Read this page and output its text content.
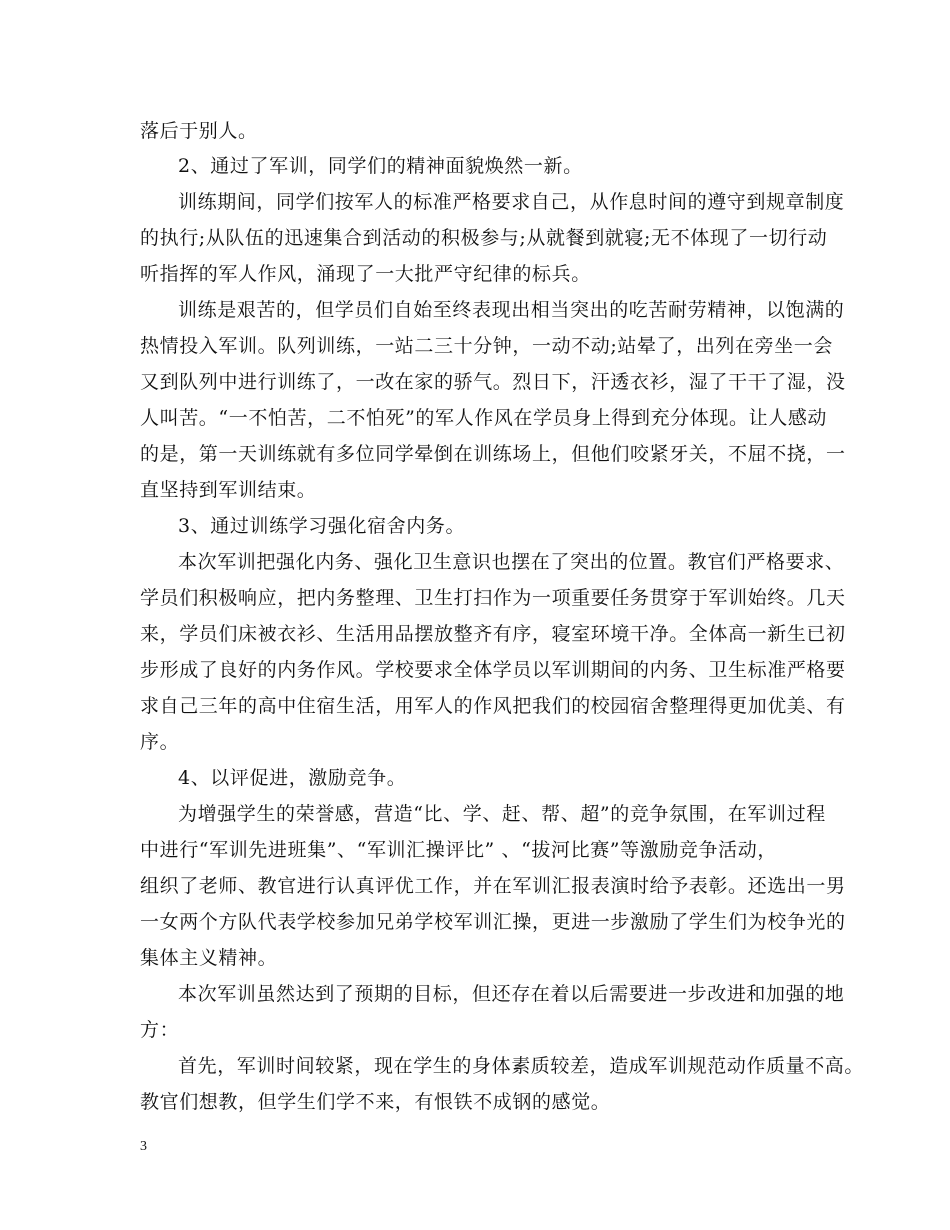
落后于别人。
2、通过了军训，同学们的精神面貌焕然一新。
训练期间，同学们按军人的标准严格要求自己，从作息时间的遵守到规章制度
的执行;从队伍的迅速集合到活动的积极参与;从就餐到就寝;无不体现了一切行动
听指挥的军人作风，涌现了一大批严守纪律的标兵。
训练是艰苦的，但学员们自始至终表现出相当突出的吃苦耐劳精神，以饱满的
热情投入军训。队列训练，一站二三十分钟，一动不动;站晕了，出列在旁坐一会
又到队列中进行训练了，一改在家的骄气。烈日下，汗透衣衫，湿了干干了湿，没
人叫苦。“一不怕苦，二不怕死”的军人作风在学员身上得到充分体现。让人感动
的是，第一天训练就有多位同学晕倒在训练场上，但他们咬紧牙关，不屈不挠，一
直坚持到军训结束。
3、通过训练学习强化宿舍内务。
本次军训把强化内务、强化卫生意识也摆在了突出的位置。教官们严格要求、
学员们积极响应，把内务整理、卫生打扫作为一项重要任务贯穿于军训始终。几天
来，学员们床被衣衫、生活用品摆放整齐有序，寝室环境干净。全体高一新生已初
步形成了良好的内务作风。学校要求全体学员以军训期间的内务、卫生标准严格要
求自己三年的高中住宿生活，用军人的作风把我们的校园宿舍整理得更加优美、有
序。
4、以评促进，激励竞争。
为增强学生的荣誉感，营造“比、学、赶、帮、超”的竞争氛围，在军训过程
中进行“军训先进班集”、“军训汇操评比” 、“拔河比赛”等激励竞争活动，
组织了老师、教官进行认真评优工作，并在军训汇报表演时给予表彰。还选出一男
一女两个方队代表学校参加兄弟学校军训汇操，更进一步激励了学生们为校争光的
集体主义精神。
本次军训虽然达到了预期的目标，但还存在着以后需要进一步改进和加强的地
方：
首先，军训时间较紧，现在学生的身体素质较差，造成军训规范动作质量不高。
教官们想教，但学生们学不来，有恨铁不成钢的感觉。
3
